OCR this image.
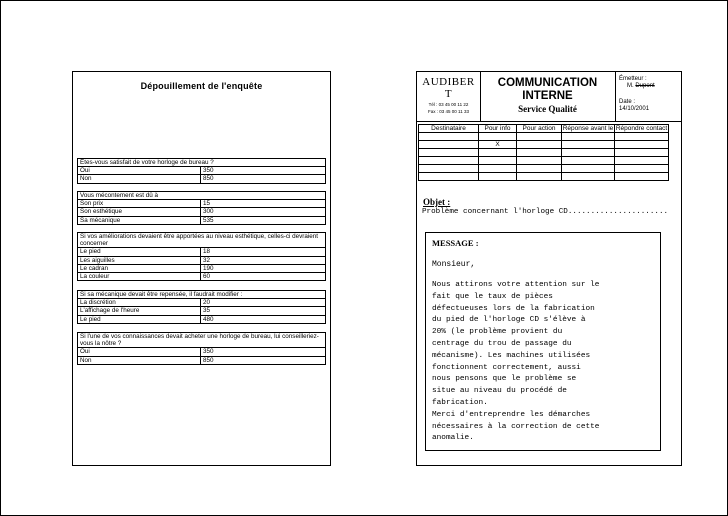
Dépouillement de l'enquête
Êtes-vous satisfait de votre horloge de bureau ?
Oui	350
Non	850
Vous mécontement est dû à
Son prix	15
Son esthétique	300
Sa mécanique	535
Si vos améliorations devaient être apportées au niveau esthétique, celles-ci devraient concerner
Le pied	18
Les aiguilles	32
Le cadran	190
La couleur	60
Si sa mécanique devait être repensée, il faudrait modifier :
La discrétion	20
L'affichage de l'heure	35
Le pied	480
Si l'une de vos connaissances devait acheter une horloge de bureau, lui conseilleriez-vous la nôtre ?
Oui	350
Non	850
AUDIBER
T
Tél : 03 45 00 11 22
Fax : 03 45 00 11 33
COMMUNICATION
INTERNE
Service Qualité
Émetteur :
M. Dupont
Date :
14/10/2001
Destinataire	Pour info	Pour action	Réponse avant le	Répondre contact

	X			

Objet :
Problème concernant l'horloge CD......................
MESSAGE :
Monsieur,
Nous attirons votre attention sur le
fait que le taux de pièces
défectueuses lors de la fabrication
du pied de l'horloge CD s'élève à
20% (le problème provient du
centrage du trou de passage du
mécanisme). Les machines utilisées
fonctionnent correctement, aussi
nous pensons que le problème se
situe au niveau du procédé de
fabrication.
Merci d'entreprendre les démarches
nécessaires à la correction de cette
anomalie.
